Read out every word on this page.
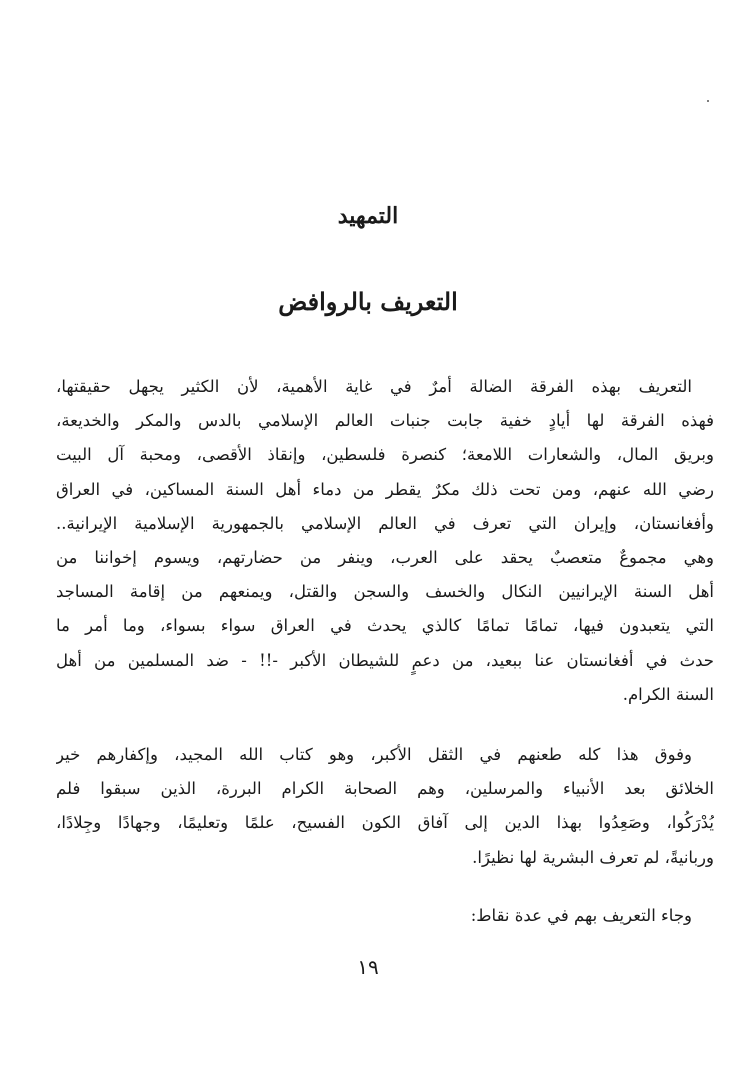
التمهيد
التعريف بالروافض
التعريف بهذه الفرقة الضالة أمرٌ في غاية الأهمية، لأن الكثير يجهل حقيقتها،
فهذه الفرقة لها أيادٍ خفية جابت جنبات العالم الإسلامي بالدس والمكر والخديعة،
وبريق المال، والشعارات اللامعة؛ كنصرة فلسطين، وإنقاذ الأقصى، ومحبة آل البيت
رضي الله عنهم، ومن تحت ذلك مكرٌ يقطر من دماء أهل السنة المساكين، في العراق
وأفغانستان، وإيران التي تعرف في العالم الإسلامي بالجمهورية الإسلامية الإيرانية..
وهي مجموعٌ متعصبٌ يحقد على العرب، وينفر من حضارتهم، ويسوم إخواننا من
أهل السنة الإيرانيين النكال والخسف والسجن والقتل، ويمنعهم من إقامة المساجد
التي يتعبدون فيها، تمامًا تمامًا كالذي يحدث في العراق سواء بسواء، وما أمر ما
حدث في أفغانستان عنا ببعيد، من دعمٍ للشيطان الأكبر -!! - ضد المسلمين من أهل
السنة الكرام.
وفوق هذا كله طعنهم في الثقل الأكبر، وهو كتاب الله المجيد، وإكفارهم خير
الخلائق بعد الأنبياء والمرسلين، وهم الصحابة الكرام البررة، الذين سبقوا فلم
يُدْرَكُوا، وصَعِدُوا بهذا الدين إلى آفاق الكون الفسيح، علمًا وتعليمًا، وجهادًا وجِلادًا،
وربانيةً، لم تعرف البشرية لها نظيرًا.
وجاء التعريف بهم في عدة نقاط:
١٩
